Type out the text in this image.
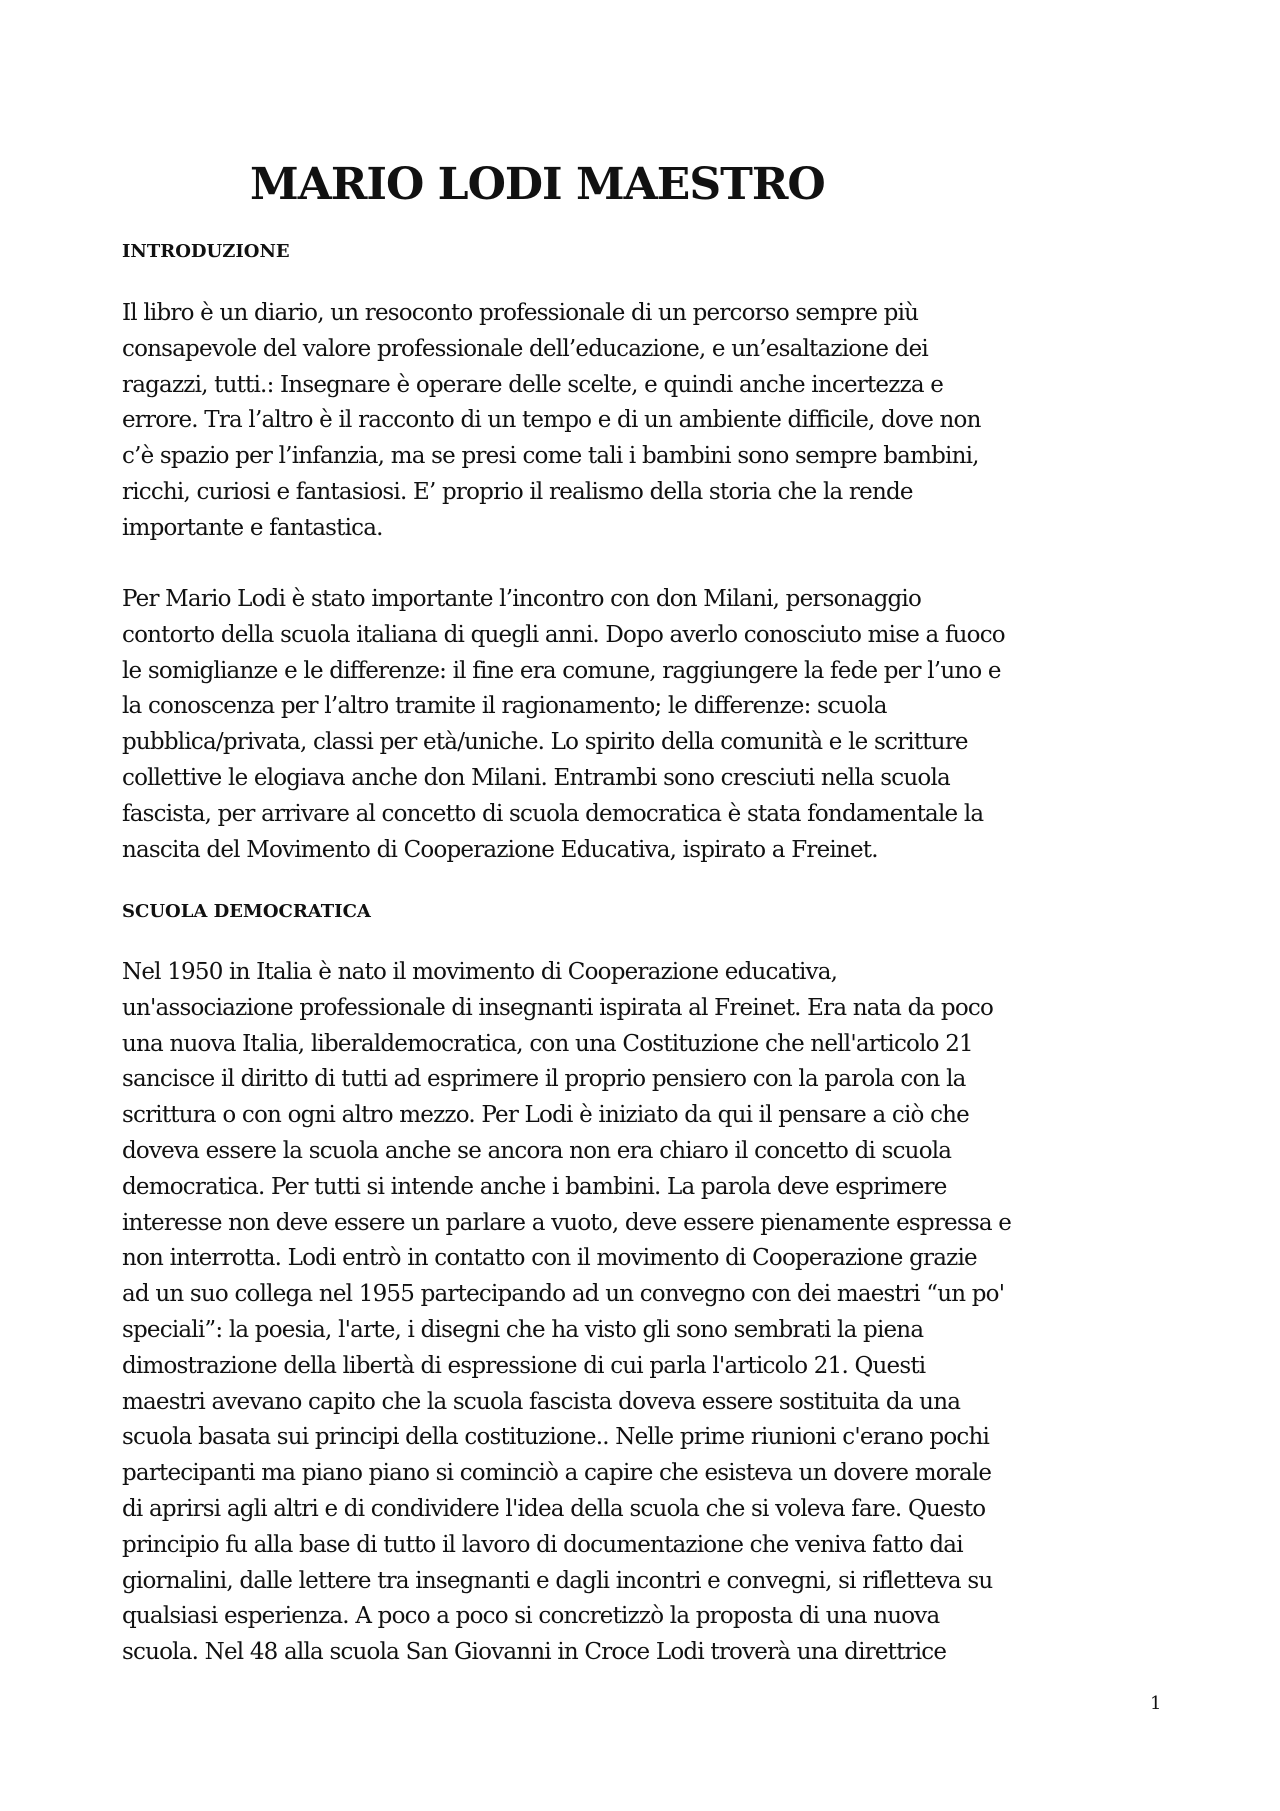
MARIO LODI MAESTRO
INTRODUZIONE

Il libro è un diario, un resoconto professionale di un percorso sempre più
consapevole del valore professionale dell’educazione, e un’esaltazione dei
ragazzi, tutti.: Insegnare è operare delle scelte, e quindi anche incertezza e
errore. Tra l’altro è il racconto di un tempo e di un ambiente difficile, dove non
c’è spazio per l’infanzia, ma se presi come tali i bambini sono sempre bambini,
ricchi, curiosi e fantasiosi. E’ proprio il realismo della storia che la rende
importante e fantastica.

Per Mario Lodi è stato importante l’incontro con don Milani, personaggio
contorto della scuola italiana di quegli anni. Dopo averlo conosciuto mise a fuoco
le somiglianze e le differenze: il fine era comune, raggiungere la fede per l’uno e
la conoscenza per l’altro tramite il ragionamento; le differenze: scuola
pubblica/privata, classi per età/uniche. Lo spirito della comunità e le scritture
collettive le elogiava anche don Milani. Entrambi sono cresciuti nella scuola
fascista, per arrivare al concetto di scuola democratica è stata fondamentale la
nascita del Movimento di Cooperazione Educativa, ispirato a Freinet.

SCUOLA DEMOCRATICA

Nel 1950 in Italia è nato il movimento di Cooperazione educativa,
un'associazione professionale di insegnanti ispirata al Freinet. Era nata da poco
una nuova Italia, liberaldemocratica, con una Costituzione che nell'articolo 21
sancisce il diritto di tutti ad esprimere il proprio pensiero con la parola con la
scrittura o con ogni altro mezzo. Per Lodi è iniziato da qui il pensare a ciò che
doveva essere la scuola anche se ancora non era chiaro il concetto di scuola
democratica. Per tutti si intende anche i bambini. La parola deve esprimere
interesse non deve essere un parlare a vuoto, deve essere pienamente espressa e
non interrotta. Lodi entrò in contatto con il movimento di Cooperazione grazie
ad un suo collega nel 1955 partecipando ad un convegno con dei maestri “un po'
speciali”: la poesia, l'arte, i disegni che ha visto gli sono sembrati la piena
dimostrazione della libertà di espressione di cui parla l'articolo 21. Questi
maestri avevano capito che la scuola fascista doveva essere sostituita da una
scuola basata sui principi della costituzione.. Nelle prime riunioni c'erano pochi
partecipanti ma piano piano si cominciò a capire che esisteva un dovere morale
di aprirsi agli altri e di condividere l'idea della scuola che si voleva fare. Questo
principio fu alla base di tutto il lavoro di documentazione che veniva fatto dai
giornalini, dalle lettere tra insegnanti e dagli incontri e convegni, si rifletteva su
qualsiasi esperienza. A poco a poco si concretizzò la proposta di una nuova
scuola. Nel 48 alla scuola San Giovanni in Croce Lodi troverà una direttrice

1
